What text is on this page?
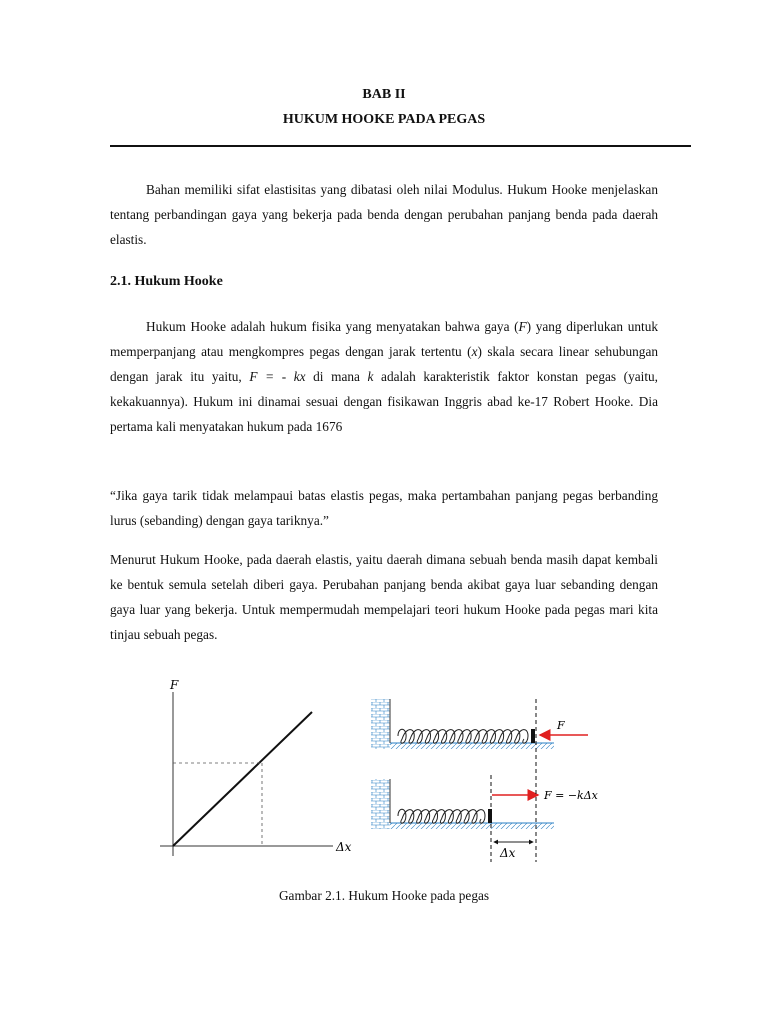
BAB II
HUKUM HOOKE PADA PEGAS
Bahan memiliki sifat elastisitas yang dibatasi oleh nilai Modulus. Hukum Hooke menjelaskan tentang perbandingan gaya yang bekerja pada benda dengan perubahan panjang benda pada daerah elastis.
2.1. Hukum Hooke
Hukum Hooke adalah hukum fisika yang menyatakan bahwa gaya (F) yang diperlukan untuk memperpanjang atau mengkompres pegas dengan jarak tertentu (x) skala secara linear sehubungan dengan jarak itu yaitu, F = - kx di mana k adalah karakteristik faktor konstan pegas (yaitu, kekakuannya). Hukum ini dinamai sesuai dengan fisikawan Inggris abad ke-17 Robert Hooke. Dia pertama kali menyatakan hukum pada 1676
“Jika gaya tarik tidak melampaui batas elastis pegas, maka pertambahan panjang pegas berbanding lurus (sebanding) dengan gaya tariknya.”
Menurut Hukum Hooke, pada daerah elastis, yaitu daerah dimana sebuah benda masih dapat kembali ke bentuk semula setelah diberi gaya. Perubahan panjang benda akibat gaya luar sebanding dengan gaya luar yang bekerja. Untuk mempermudah mempelajari teori hukum Hooke pada pegas mari kita tinjau sebuah pegas.
F
Δx
F
F = −kΔx
Δx
Gambar 2.1. Hukum Hooke pada pegas
